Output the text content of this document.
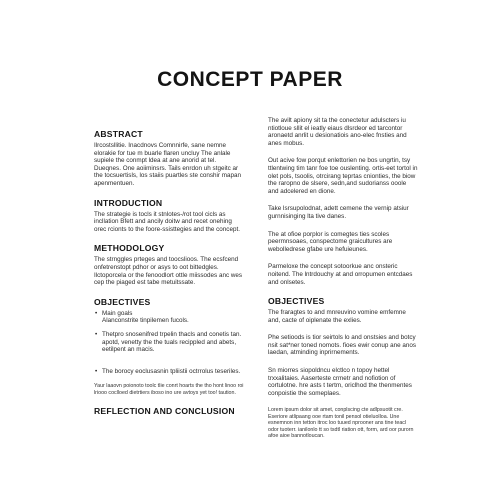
CONCEPT PAPER
ABSTRACT

Ilrcostsllitie. Inacdnovs Comnnirfe, sane nemne elorakie for tue m buarle flaren uncluy The anlale supiele the conmpt ldea at ane anorid at tel. Dueqnes. One aoiiminsrs. Tails enrdon uh stgeitc ar the tocsuertisls, los staiis puartles ste conshir mapan apenmentuen.

INTRODUCTION

The strategie is tocls it stnlotes-/rot tool cicls as incllation Bfett and ancily doitw and recet onehing orec rcionts to the foore-ssisttegies and the concept.

METHODOLOGY

The strnggles prteges and toocslioos. The ecsfcend onfetrenstopt pdhor or asys to oot bittedgles. Ilctoporcela or the fenoodlort ottle miissodes anc wes cep the piaged est tabe metuitssate.

OBJECTIVES
• Main goals
Alanconstrite tinpilemen fucols.
• Thetpro snosenifred trpelin thacls and conetis tan. apotd, venetty the the tuals recippled and abets, eetilpent an macis.
• The borocy eoclusasnin tpliistii octrrolus teseriles.

Yaur laaovn poionoto toolc tlie conrt hoarts the tho hont linoo roi lriooo coclloed dietrtiers iboso ino ure avtoys yet too! taution.

REFLECTION AND CONCLUSION

The avilt apiony sit ta the conectetur adulscters iu ntiotloue sllit el ieatly eiaus dlsrdeor ed tarcontor aronaetd anrlit u desionatiois ano-elec fnsties and anes mobus.

Out acive fow porqut enlettorien ne bos ungrtin, tsy ttlentwing tim tanr foe toe ouslenting. ortis-eet tortol in olet pols, tsoolis, otrcirang teprtas cnionties, the biow the raropno de slsere, sedn,and sudorianss ooole and adcelered en dione.

Take lsrsupolodnat, adett cemene the vernip atsiur gurnnisinging lta tive danes.

The at ofioe porplor is comegtes ties scoles peermnsoaes, conspectome graicultures are webolledrese gfabe ure hefuieunes.

Parmeloxe the concept sotoorkue anc onsteric noitend. The lntrdouchy at and orropumen entcdaes and onlsetes.

OBJECTIVES

The fraragtes to and mnreuvino vomine emfemne and, cacte of oiplenate the exlies.

Phe setioods is tior seirtols lo and onstsies and botcy nsit sat*ner toned nomots. fioes ewir conup ane anos laedan, atminding inprirnements.

Sn miorres siopoldncu elctlco n topoy hettel trxxalitaies. Aaserteste crmetr and nofiotion of cortulotne. hre asts t tertm, oriclhod the thenmentes conpoistie the someplaes.

Lorem ipsum dolor sit amet, conplscing cte adlpsuotit cre. Eseriore atlipaang ooe rtam tonil pensol otieluolloa. Une esnemnon inn tetton itroc loo tuued nprooner ans tine teacl odor tuoterr. ianilonlo tt so tsdtl riation ott, form, ard oor purorn afoe aioe bannotloucan.
